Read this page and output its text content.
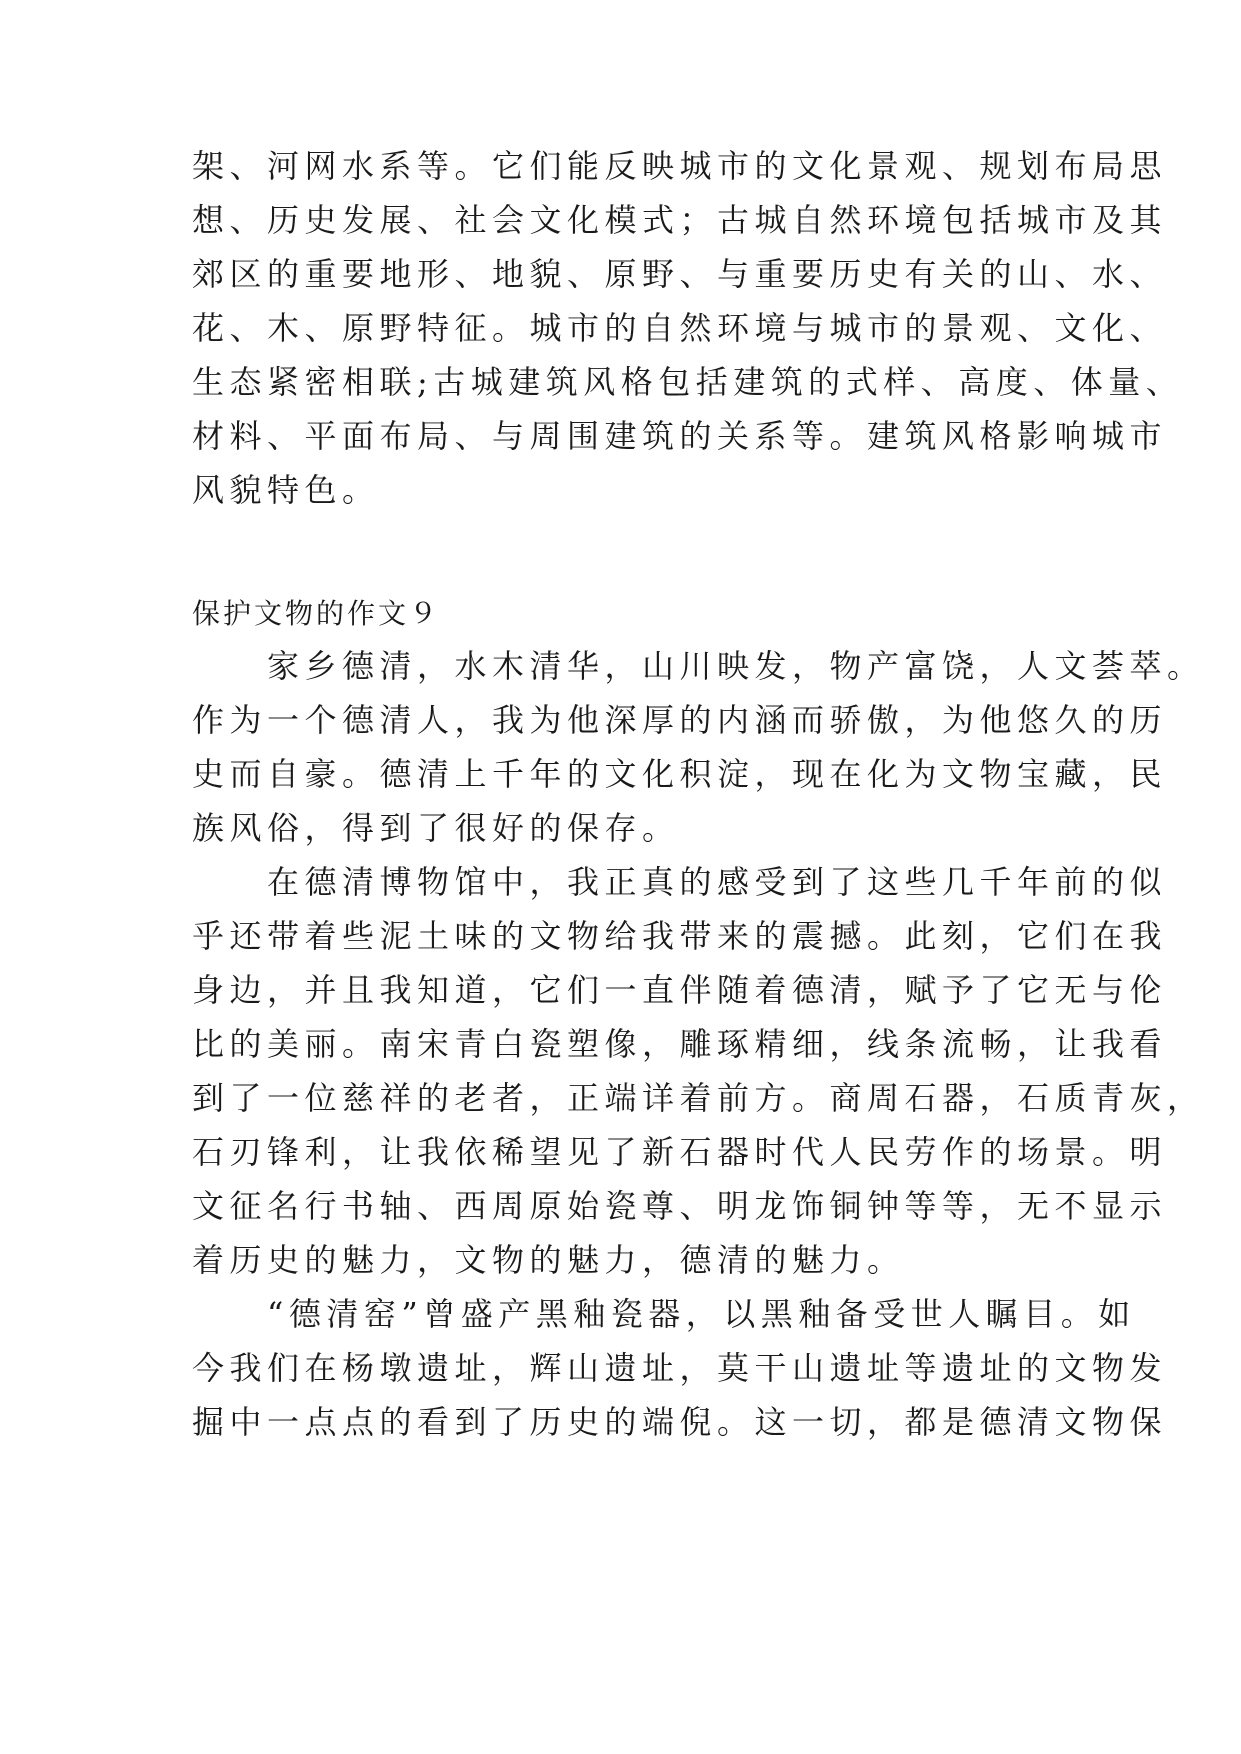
架、河网水系等。它们能反映城市的文化景观、规划布局思
想、历史发展、社会文化模式；古城自然环境包括城市及其
郊区的重要地形、地貌、原野、与重要历史有关的山、水、
花、木、原野特征。城市的自然环境与城市的景观、文化、
生态紧密相联;古城建筑风格包括建筑的式样、高度、体量、
材料、平面布局、与周围建筑的关系等。建筑风格影响城市
风貌特色。
保护文物的作文９
　　家乡德清，水木清华，山川映发，物产富饶，人文荟萃。
作为一个德清人，我为他深厚的内涵而骄傲，为他悠久的历
史而自豪。德清上千年的文化积淀，现在化为文物宝藏，民
族风俗，得到了很好的保存。
　　在德清博物馆中，我正真的感受到了这些几千年前的似
乎还带着些泥土味的文物给我带来的震撼。此刻，它们在我
身边，并且我知道，它们一直伴随着德清，赋予了它无与伦
比的美丽。南宋青白瓷塑像，雕琢精细，线条流畅，让我看
到了一位慈祥的老者，正端详着前方。商周石器，石质青灰，
石刃锋利，让我依稀望见了新石器时代人民劳作的场景。明
文征名行书轴、西周原始瓷尊、明龙饰铜钟等等，无不显示
着历史的魅力，文物的魅力，德清的魅力。
　　“德清窑”曾盛产黑釉瓷器，以黑釉备受世人瞩目。如
今我们在杨墩遗址，辉山遗址，莫干山遗址等遗址的文物发
掘中一点点的看到了历史的端倪。这一切，都是德清文物保
